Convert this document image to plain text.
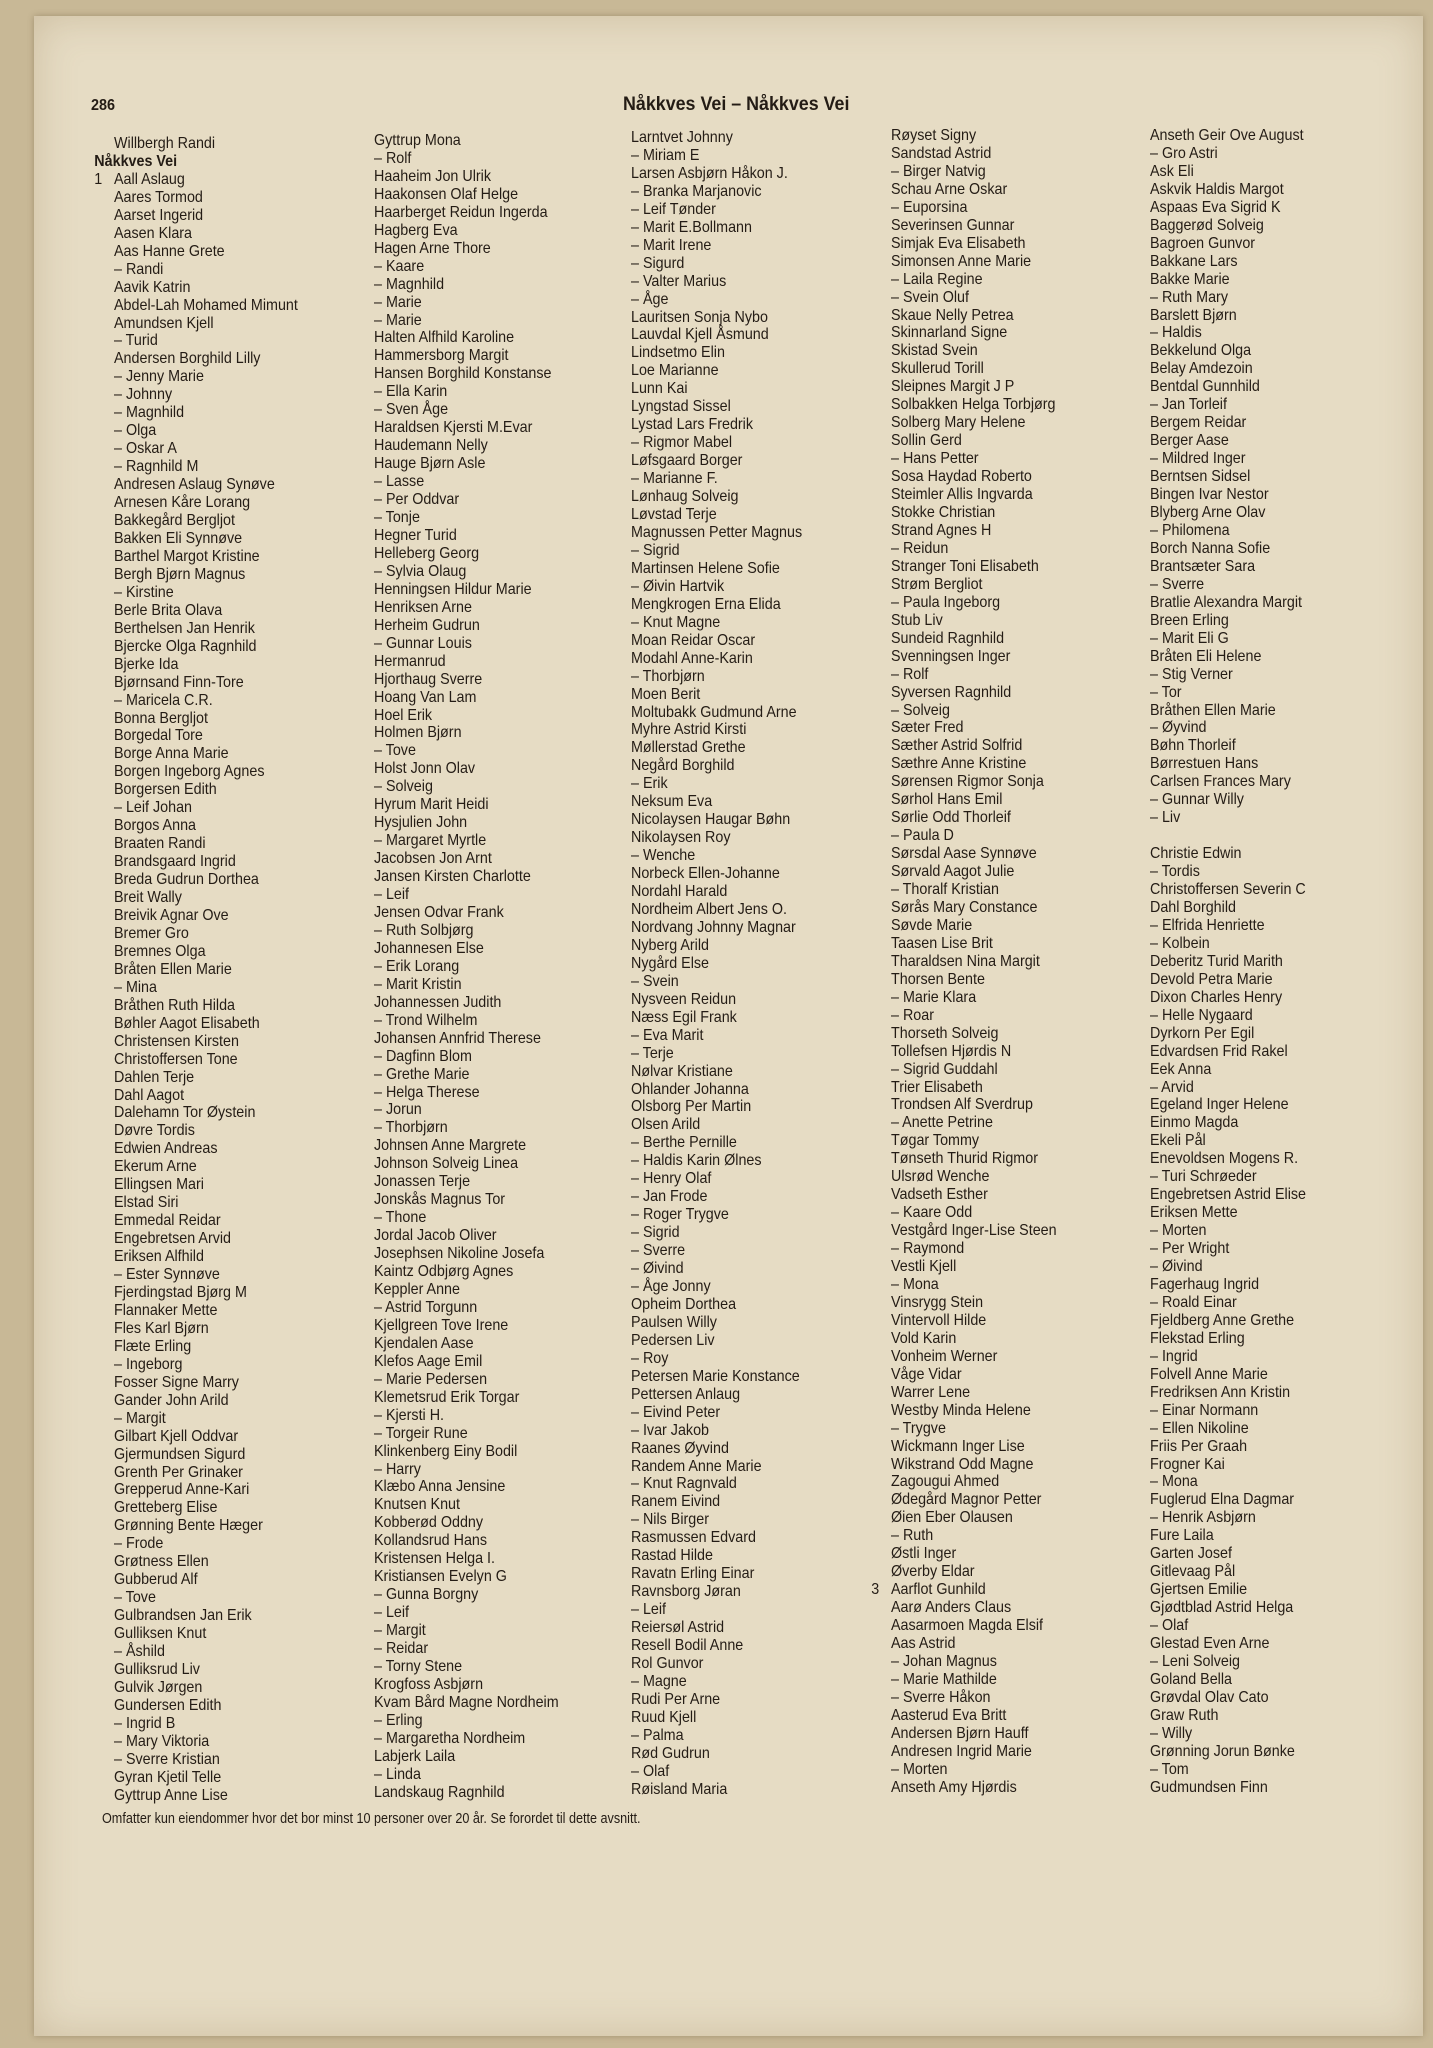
286	Nåkkves Vei – Nåkkves Vei
Willbergh Randi
Nåkkves Vei
1 Aall Aslaug
Aares Tormod
Aarset Ingerid
Aasen Klara
Aas Hanne Grete
– Randi
Aavik Katrin
Abdel-Lah Mohamed Mimunt
Amundsen Kjell
– Turid
Andersen Borghild Lilly
– Jenny Marie
– Johnny
– Magnhild
– Olga
– Oskar A
– Ragnhild M
Andresen Aslaug Synøve
Arnesen Kåre Lorang
Bakkegård Bergljot
Bakken Eli Synnøve
Barthel Margot Kristine
Bergh Bjørn Magnus
– Kirstine
Berle Brita Olava
Berthelsen Jan Henrik
Bjercke Olga Ragnhild
Bjerke Ida
Bjørnsand Finn-Tore
– Maricela C.R.
Bonna Bergljot
Borgedal Tore
Borge Anna Marie
Borgen Ingeborg Agnes
Borgersen Edith
– Leif Johan
Borgos Anna
Braaten Randi
Brandsgaard Ingrid
Breda Gudrun Dorthea
Breit Wally
Breivik Agnar Ove
Bremer Gro
Bremnes Olga
Bråten Ellen Marie
– Mina
Bråthen Ruth Hilda
Bøhler Aagot Elisabeth
Christensen Kirsten
Christoffersen Tone
Dahlen Terje
Dahl Aagot
Dalehamn Tor Øystein
Døvre Tordis
Edwien Andreas
Ekerum Arne
Ellingsen Mari
Elstad Siri
Emmedal Reidar
Engebretsen Arvid
Eriksen Alfhild
– Ester Synnøve
Fjerdingstad Bjørg M
Flannaker Mette
Fles Karl Bjørn
Flæte Erling
– Ingeborg
Fosser Signe Marry
Gander John Arild
– Margit
Gilbart Kjell Oddvar
Gjermundsen Sigurd
Grenth Per Grinaker
Grepperud Anne-Kari
Gretteberg Elise
Grønning Bente Hæger
– Frode
Grøtness Ellen
Gubberud Alf
– Tove
Gulbrandsen Jan Erik
Gulliksen Knut
– Åshild
Gulliksrud Liv
Gulvik Jørgen
Gundersen Edith
– Ingrid B
– Mary Viktoria
– Sverre Kristian
Gyran Kjetil Telle
Gyttrup Anne Lise
Gyttrup Mona
– Rolf
Haaheim Jon Ulrik
Haakonsen Olaf Helge
Haarberget Reidun Ingerda
Hagberg Eva
Hagen Arne Thore
– Kaare
– Magnhild
– Marie
– Marie
Halten Alfhild Karoline
Hammersborg Margit
Hansen Borghild Konstanse
– Ella Karin
– Sven Åge
Haraldsen Kjersti M.Evar
Haudemann Nelly
Hauge Bjørn Asle
– Lasse
– Per Oddvar
– Tonje
Hegner Turid
Helleberg Georg
– Sylvia Olaug
Henningsen Hildur Marie
Henriksen Arne
Herheim Gudrun
– Gunnar Louis
Hermanrud
Hjorthaug Sverre
Hoang Van Lam
Hoel Erik
Holmen Bjørn
– Tove
Holst Jonn Olav
– Solveig
Hyrum Marit Heidi
Hysjulien John
– Margaret Myrtle
Jacobsen Jon Arnt
Jansen Kirsten Charlotte
– Leif
Jensen Odvar Frank
– Ruth Solbjørg
Johannesen Else
– Erik Lorang
– Marit Kristin
Johannessen Judith
– Trond Wilhelm
Johansen Annfrid Therese
– Dagfinn Blom
– Grethe Marie
– Helga Therese
– Jorun
– Thorbjørn
Johnsen Anne Margrete
Johnson Solveig Linea
Jonassen Terje
Jonskås Magnus Tor
– Thone
Jordal Jacob Oliver
Josephsen Nikoline Josefa
Kaintz Odbjørg Agnes
Keppler Anne
– Astrid Torgunn
Kjellgreen Tove Irene
Kjendalen Aase
Klefos Aage Emil
– Marie Pedersen
Klemetsrud Erik Torgar
– Kjersti H.
– Torgeir Rune
Klinkenberg Einy Bodil
– Harry
Klæbo Anna Jensine
Knutsen Knut
Kobberød Oddny
Kollandsrud Hans
Kristensen Helga I.
Kristiansen Evelyn G
– Gunna Borgny
– Leif
– Margit
– Reidar
– Torny Stene
Krogfoss Asbjørn
Kvam Bård Magne Nordheim
– Erling
– Margaretha Nordheim
Labjerk Laila
– Linda
Landskaug Ragnhild
Larntvet Johnny
– Miriam E
Larsen Asbjørn Håkon J.
– Branka Marjanovic
– Leif Tønder
– Marit E.Bollmann
– Marit Irene
– Sigurd
– Valter Marius
– Åge
Lauritsen Sonja Nybo
Lauvdal Kjell Åsmund
Lindsetmo Elin
Loe Marianne
Lunn Kai
Lyngstad Sissel
Lystad Lars Fredrik
– Rigmor Mabel
Løfsgaard Borger
– Marianne F.
Lønhaug Solveig
Løvstad Terje
Magnussen Petter Magnus
– Sigrid
Martinsen Helene Sofie
– Øivin Hartvik
Mengkrogen Erna Elida
– Knut Magne
Moan Reidar Oscar
Modahl Anne-Karin
– Thorbjørn
Moen Berit
Moltubakk Gudmund Arne
Myhre Astrid Kirsti
Møllerstad Grethe
Negård Borghild
– Erik
Neksum Eva
Nicolaysen Haugar Bøhn
Nikolaysen Roy
– Wenche
Norbeck Ellen-Johanne
Nordahl Harald
Nordheim Albert Jens O.
Nordvang Johnny Magnar
Nyberg Arild
Nygård Else
– Svein
Nysveen Reidun
Næss Egil Frank
– Eva Marit
– Terje
Nølvar Kristiane
Ohlander Johanna
Olsborg Per Martin
Olsen Arild
– Berthe Pernille
– Haldis Karin Ølnes
– Henry Olaf
– Jan Frode
– Roger Trygve
– Sigrid
– Sverre
– Øivind
– Åge Jonny
Opheim Dorthea
Paulsen Willy
Pedersen Liv
– Roy
Petersen Marie Konstance
Pettersen Anlaug
– Eivind Peter
– Ivar Jakob
Raanes Øyvind
Randem Anne Marie
– Knut Ragnvald
Ranem Eivind
– Nils Birger
Rasmussen Edvard
Rastad Hilde
Ravatn Erling Einar
Ravnsborg Jøran
– Leif
Reiersøl Astrid
Resell Bodil Anne
Rol Gunvor
– Magne
Rudi Per Arne
Ruud Kjell
– Palma
Rød Gudrun
– Olaf
Røisland Maria
Røyset Signy
Sandstad Astrid
– Birger Natvig
Schau Arne Oskar
– Euporsina
Severinsen Gunnar
Simjak Eva Elisabeth
Simonsen Anne Marie
– Laila Regine
– Svein Oluf
Skaue Nelly Petrea
Skinnarland Signe
Skistad Svein
Skullerud Torill
Sleipnes Margit J P
Solbakken Helga Torbjørg
Solberg Mary Helene
Sollin Gerd
– Hans Petter
Sosa Haydad Roberto
Steimler Allis Ingvarda
Stokke Christian
Strand Agnes H
– Reidun
Stranger Toni Elisabeth
Strøm Bergliot
– Paula Ingeborg
Stub Liv
Sundeid Ragnhild
Svenningsen Inger
– Rolf
Syversen Ragnhild
– Solveig
Sæter Fred
Sæther Astrid Solfrid
Sæthre Anne Kristine
Sørensen Rigmor Sonja
Sørhol Hans Emil
Sørlie Odd Thorleif
– Paula D
Sørsdal Aase Synnøve
Sørvald Aagot Julie
– Thoralf Kristian
Sørås Mary Constance
Søvde Marie
Taasen Lise Brit
Tharaldsen Nina Margit
Thorsen Bente
– Marie Klara
– Roar
Thorseth Solveig
Tollefsen Hjørdis N
– Sigrid Guddahl
Trier Elisabeth
Trondsen Alf Sverdrup
– Anette Petrine
Tøgar Tommy
Tønseth Thurid Rigmor
Ulsrød Wenche
Vadseth Esther
– Kaare Odd
Vestgård Inger-Lise Steen
– Raymond
Vestli Kjell
– Mona
Vinsrygg Stein
Vintervoll Hilde
Vold Karin
Vonheim Werner
Våge Vidar
Warrer Lene
Westby Minda Helene
– Trygve
Wickmann Inger Lise
Wikstrand Odd Magne
Zagougui Ahmed
Ødegård Magnor Petter
Øien Eber Olausen
– Ruth
Østli Inger
Øverby Eldar
3 Aarflot Gunhild
Aarø Anders Claus
Aasarmoen Magda Elsif
Aas Astrid
– Johan Magnus
– Marie Mathilde
– Sverre Håkon
Aasterud Eva Britt
Andersen Bjørn Hauff
Andresen Ingrid Marie
– Morten
Anseth Amy Hjørdis
Anseth Geir Ove August
– Gro Astri
Ask Eli
Askvik Haldis Margot
Aspaas Eva Sigrid K
Baggerød Solveig
Bagroen Gunvor
Bakkane Lars
Bakke Marie
– Ruth Mary
Barslett Bjørn
– Haldis
Bekkelund Olga
Belay Amdezoin
Bentdal Gunnhild
– Jan Torleif
Bergem Reidar
Berger Aase
– Mildred Inger
Berntsen Sidsel
Bingen Ivar Nestor
Blyberg Arne Olav
– Philomena
Borch Nanna Sofie
Brantsæter Sara
– Sverre
Bratlie Alexandra Margit
Breen Erling
– Marit Eli G
Bråten Eli Helene
– Stig Verner
– Tor
Bråthen Ellen Marie
– Øyvind
Bøhn Thorleif
Børrestuen Hans
Carlsen Frances Mary
– Gunnar Willy
– Liv
Christie Edwin
– Tordis
Christoffersen Severin C
Dahl Borghild
– Elfrida Henriette
– Kolbein
Deberitz Turid Marith
Devold Petra Marie
Dixon Charles Henry
– Helle Nygaard
Dyrkorn Per Egil
Edvardsen Frid Rakel
Eek Anna
– Arvid
Egeland Inger Helene
Einmo Magda
Ekeli Pål
Enevoldsen Mogens R.
– Turi Schrøeder
Engebretsen Astrid Elise
Eriksen Mette
– Morten
– Per Wright
– Øivind
Fagerhaug Ingrid
– Roald Einar
Fjeldberg Anne Grethe
Flekstad Erling
– Ingrid
Folvell Anne Marie
Fredriksen Ann Kristin
– Einar Normann
– Ellen Nikoline
Friis Per Graah
Frogner Kai
– Mona
Fuglerud Elna Dagmar
– Henrik Asbjørn
Fure Laila
Garten Josef
Gitlevaag Pål
Gjertsen Emilie
Gjødtblad Astrid Helga
– Olaf
Glestad Even Arne
– Leni Solveig
Goland Bella
Grøvdal Olav Cato
Graw Ruth
– Willy
Grønning Jorun Bønke
– Tom
Gudmundsen Finn
Omfatter kun eiendommer hvor det bor minst 10 personer over 20 år. Se forordet til dette avsnitt.
